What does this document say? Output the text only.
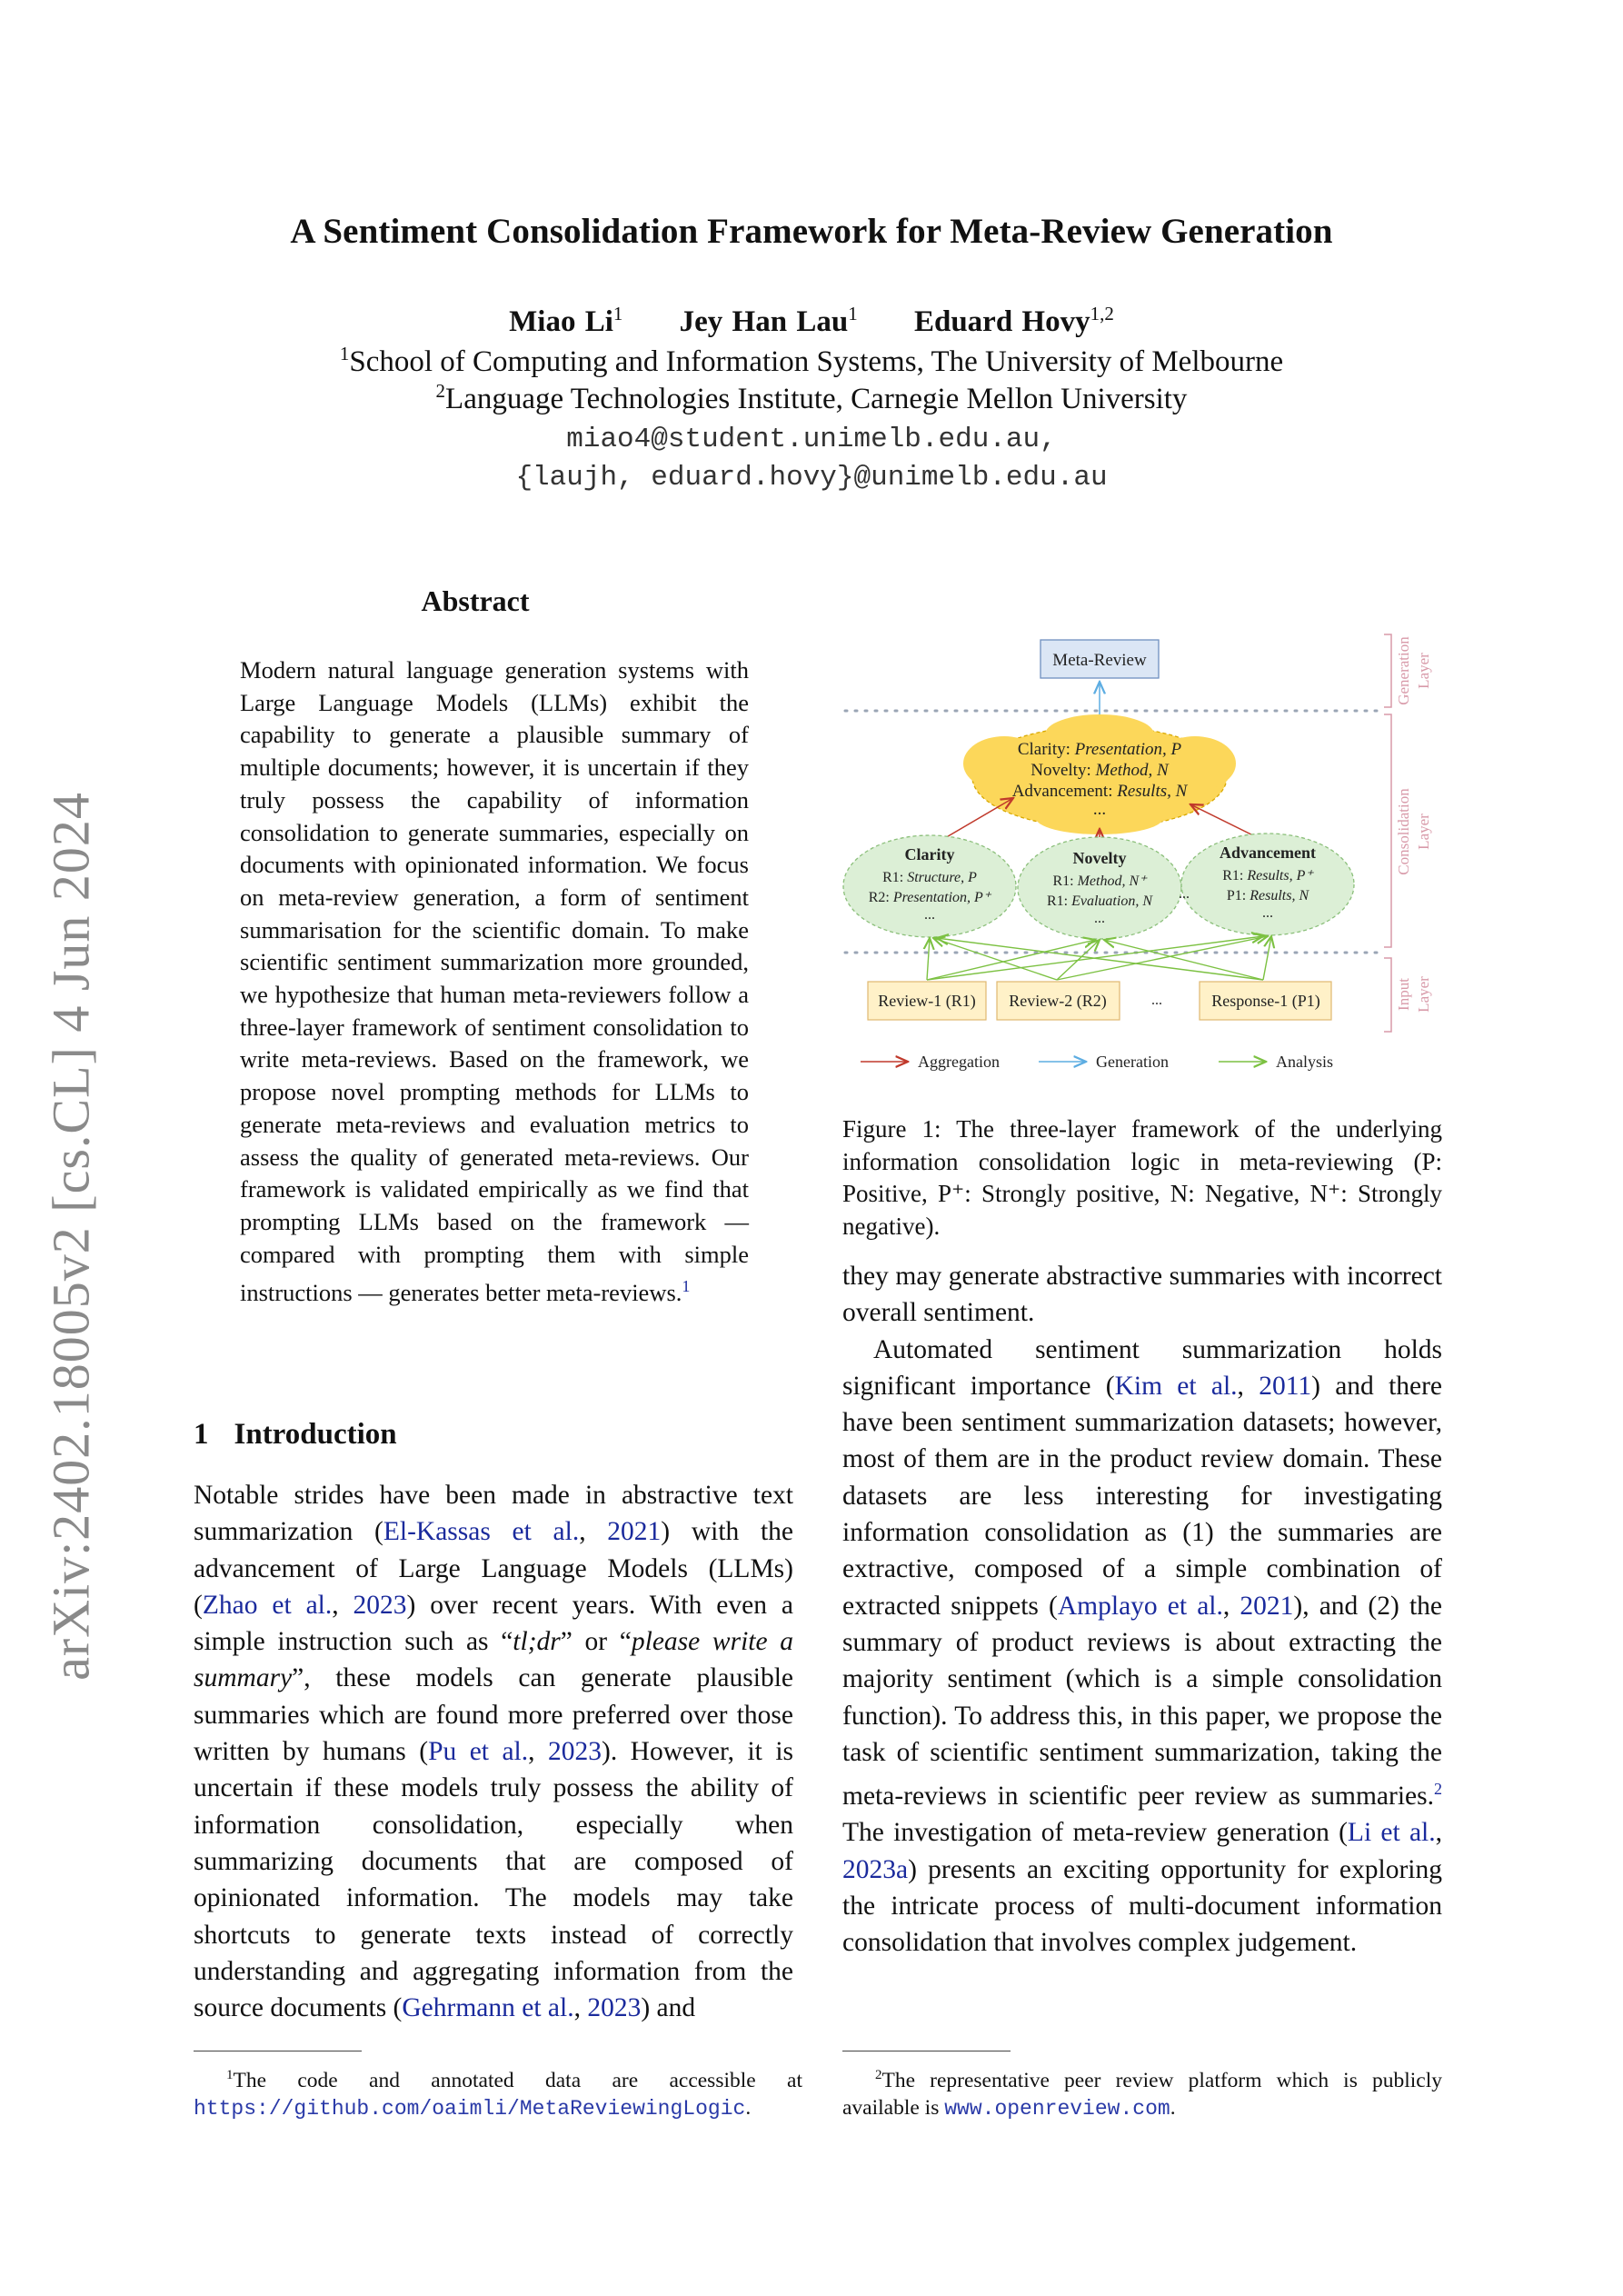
arXiv:2402.18005v2 [cs.CL] 4 Jun 2024
A Sentiment Consolidation Framework for Meta-Review Generation
Miao Li$^1$ Jey Han Lau$^1$ Eduard Hovy$^{1,2}$
$^1$School of Computing and Information Systems, The University of Melbourne
$^2$Language Technologies Institute, Carnegie Mellon University
miao4@student.unimelb.edu.au,
{laujh, eduard.hovy}@unimelb.edu.au
Abstract
Modern natural language generation systems with Large Language Models (LLMs) exhibit the capability to generate a plausible summary of multiple documents; however, it is uncertain if they truly possess the capability of information consolidation to generate summaries, especially on documents with opinionated information. We focus on meta-review generation, a form of sentiment summarisation for the scientific domain. To make scientific sentiment summarization more grounded, we hypothesize that human meta-reviewers follow a three-layer framework of sentiment consolidation to write meta-reviews. Based on the framework, we propose novel prompting methods for LLMs to generate meta-reviews and evaluation metrics to assess the quality of generated meta-reviews. Our framework is validated empirically as we find that prompting LLMs based on the framework — compared with prompting them with simple instructions — generates better meta-reviews.$^1$
1 Introduction
Notable strides have been made in abstractive text summarization (El-Kassas et al., 2021) with the advancement of Large Language Models (LLMs) (Zhao et al., 2023) over recent years. With even a simple instruction such as “tl;dr” or “please write a summary”, these models can generate plausible summaries which are found more preferred over those written by humans (Pu et al., 2023). However, it is uncertain if these models truly possess the ability of information consolidation, especially when summarizing documents that are composed of opinionated information. The models may take shortcuts to generate texts instead of correctly understanding and aggregating information from the source documents (Gehrmann et al., 2023) and
$^1$The code and annotated data are accessible at https://github.com/oaimli/MetaReviewingLogic.
Generation Layer
Consolidation Layer
Input Layer
Meta-Review
Clarity: Presentation, P
Novelty: Method, N
Advancement: Results, N
...
Clarity
R1: Structure, P
R2: Presentation, P⁺
...
Novelty
R1: Method, N⁺
R1: Evaluation, N
...
Advancement
R1: Results, P⁺
P1: Results, N
...
...
Review-1 (R1) Review-2 (R2)	Response-1 (P1)
...
Aggregation	Generation	Analysis
Figure 1: The three-layer framework of the underlying information consolidation logic in meta-reviewing (P: Positive, P⁺: Strongly positive, N: Negative, N⁺: Strongly negative).
they may generate abstractive summaries with incorrect overall sentiment.
Automated sentiment summarization holds significant importance (Kim et al., 2011) and there have been sentiment summarization datasets; however, most of them are in the product review domain. These datasets are less interesting for investigating information consolidation as (1) the summaries are extractive, composed of a simple combination of extracted snippets (Amplayo et al., 2021), and (2) the summary of product reviews is about extracting the majority sentiment (which is a simple consolidation function). To address this, in this paper, we propose the task of scientific sentiment summarization, taking the meta-reviews in scientific peer review as summaries.$^2$ The investigation of meta-review generation (Li et al., 2023a) presents an exciting opportunity for exploring the intricate process of multi-document information consolidation that involves complex judgement.
$^2$The representative peer review platform which is publicly available is www.openreview.com.
